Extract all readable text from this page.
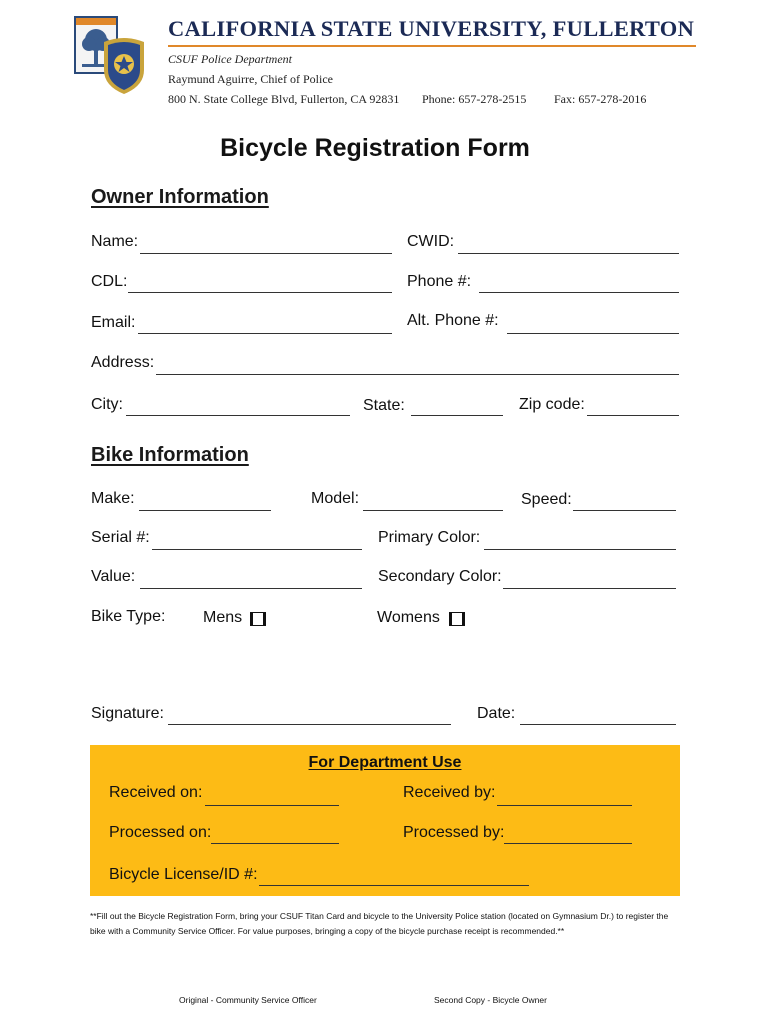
CALIFORNIA STATE UNIVERSITY, FULLERTON
CSUF Police Department
Raymund Aguirre, Chief of Police
800 N. State College Blvd, Fullerton, CA 92831 Phone: 657-278-2515 Fax: 657-278-2016
Bicycle Registration Form
Owner Information
Name:	CWID:
CDL:	Phone #:
Email:	Alt. Phone #:
Address:
City:	State:	Zip code:
Bike Information
Make:	Model:	Speed:
Serial #:	Primary Color:
Value:	Secondary Color:
Bike Type: Mens	Womens
Signature:	Date:
For Department Use
Received on:	Received by:
Processed on:	Processed by:
Bicycle License/ID #:
**Fill out the Bicycle Registration Form, bring your CSUF Titan Card and bicycle to the University Police station (located on Gymnasium Dr.) to register the bike with a Community Service Officer. For value purposes, bringing a copy of the bicycle purchase receipt is recommended.**
Original - Community Service Officer	Second Copy - Bicycle Owner
